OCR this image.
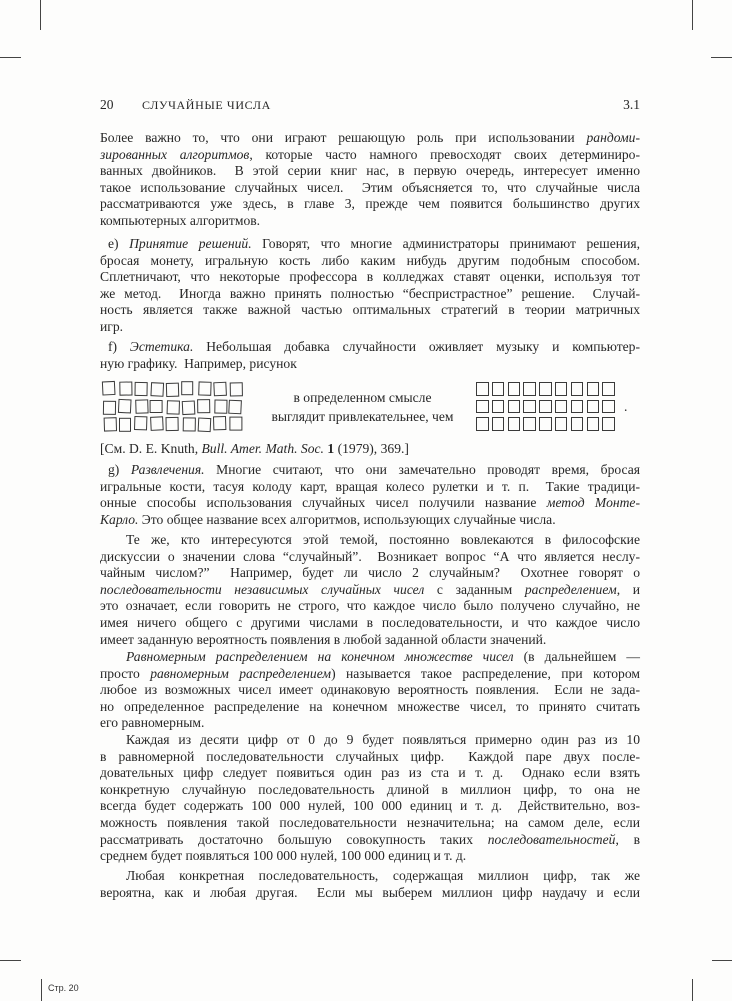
20 СЛУЧАЙНЫЕ ЧИСЛА	3.1
Более важно то, что они играют решающую роль при использовании рандоми-
зированных алгоритмов, которые часто намного превосходят своих детерминиро-
ванных двойников.  В этой серии книг нас, в первую очередь, интересует именно
такое использование случайных чисел.  Этим объясняется то, что случайные числа
рассматриваются уже здесь, в главе 3, прежде чем появится большинство других
компьютерных алгоритмов.
e) Принятие решений. Говорят, что многие администраторы принимают решения,
бросая монету, игральную кость либо каким нибудь другим подобным способом.
Сплетничают, что некоторые профессора в колледжах ставят оценки, используя тот
же метод.  Иногда важно принять полностью “беспристрастное” решение.  Случай-
ность является также важной частью оптимальных стратегий в теории матричных
игр.
f) Эстетика. Небольшая добавка случайности оживляет музыку и компьютер-
ную графику.  Например, рисунок
[См. D. E. Knuth, Bull. Amer. Math. Soc. 1 (1979), 369.]
g) Развлечения. Многие считают, что они замечательно проводят время, бросая
игральные кости, тасуя колоду карт, вращая колесо рулетки и т. п.  Такие традици-
онные способы использования случайных чисел получили название метод Монте-
Карло. Это общее название всех алгоритмов, использующих случайные числа.
Те же, кто интересуются этой темой, постоянно вовлекаются в философские
дискуссии о значении слова “случайный”.  Возникает вопрос “А что является неслу-
чайным числом?”  Например, будет ли число 2 случайным?  Охотнее говорят о
последовательности независимых случайных чисел с заданным распределением, и
это означает, если говорить не строго, что каждое число было получено случайно, не
имея ничего общего с другими числами в последовательности, и что каждое число
имеет заданную вероятность появления в любой заданной области значений.
Равномерным распределением на конечном множестве чисел (в дальнейшем —
просто равномерным распределением) называется такое распределение, при котором
любое из возможных чисел имеет одинаковую вероятность появления.  Если не зада-
но определенное распределение на конечном множестве чисел, то принято считать
его равномерным.
Каждая из десяти цифр от 0 до 9 будет появляться примерно один раз из 10
в равномерной последовательности случайных цифр.  Каждой паре двух после-
довательных цифр следует появиться один раз из ста и т. д.  Однако если взять
конкретную случайную последовательность длиной в миллион цифр, то она не
всегда будет содержать 100 000 нулей, 100 000 единиц и т. д.  Действительно, воз-
можность появления такой последовательности незначительна; на самом деле, если
рассматривать достаточно большую совокупность таких последовательностей, в
среднем будет появляться 100 000 нулей, 100 000 единиц и т. д.
Любая конкретная последовательность, содержащая миллион цифр, так же
вероятна, как и любая другая.  Если мы выберем миллион цифр наудачу и если
в определенном смысле
выглядит привлекательнее, чем
.
Стр. 20
